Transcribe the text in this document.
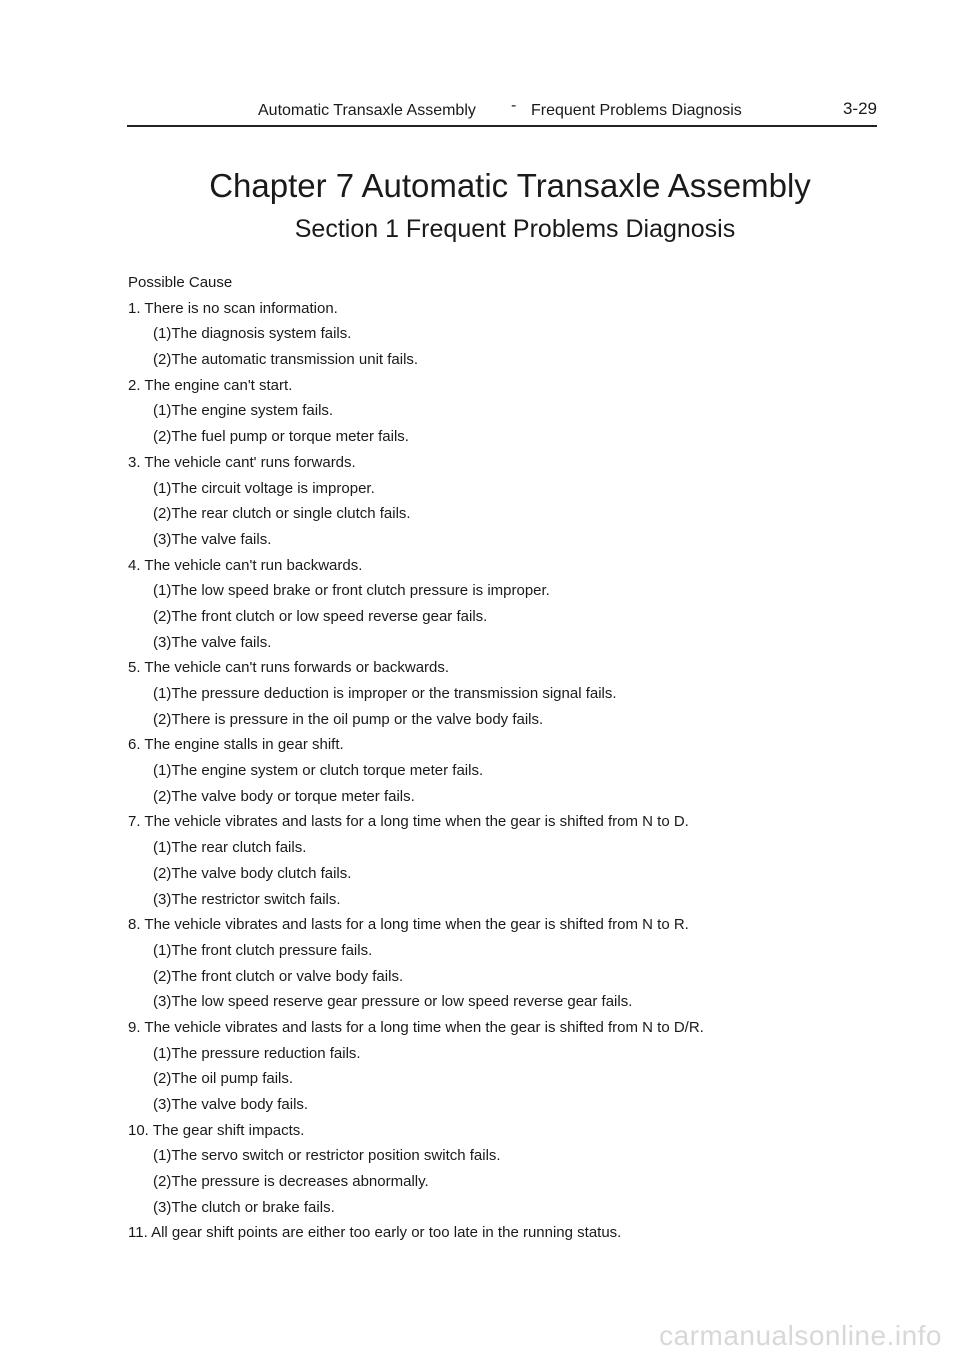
Automatic Transaxle Assembly - Frequent Problems Diagnosis	3-29
Chapter 7 Automatic Transaxle Assembly
Section 1 Frequent Problems Diagnosis
Possible Cause
1. There is no scan information.
(1)The diagnosis system fails.
(2)The automatic transmission unit fails.
2. The engine can't start.
(1)The engine system fails.
(2)The fuel pump or torque meter fails.
3. The vehicle cant' runs forwards.
(1)The circuit voltage is improper.
(2)The rear clutch or single clutch fails.
(3)The valve fails.
4. The vehicle can't run backwards.
(1)The low speed brake or front clutch pressure is improper.
(2)The front clutch or low speed reverse gear fails.
(3)The valve fails.
5. The vehicle can't runs forwards or backwards.
(1)The pressure deduction is improper or the transmission signal fails.
(2)There is pressure in the oil pump or the valve body fails.
6. The engine stalls in gear shift.
(1)The engine system or clutch torque meter fails.
(2)The valve body or torque meter fails.
7. The vehicle vibrates and lasts for a long time when the gear is shifted from N to D.
(1)The rear clutch fails.
(2)The valve body clutch fails.
(3)The restrictor switch fails.
8. The vehicle vibrates and lasts for a long time when the gear is shifted from N to R.
(1)The front clutch pressure fails.
(2)The front clutch or valve body fails.
(3)The low speed reserve gear pressure or low speed reverse gear fails.
9. The vehicle vibrates and lasts for a long time when the gear is shifted from N to D/R.
(1)The pressure reduction fails.
(2)The oil pump fails.
(3)The valve body fails.
10. The gear shift impacts.
(1)The servo switch or restrictor position switch fails.
(2)The pressure is decreases abnormally.
(3)The clutch or brake fails.
11. All gear shift points are either too early or too late in the running status.
carmanualsonline.info
